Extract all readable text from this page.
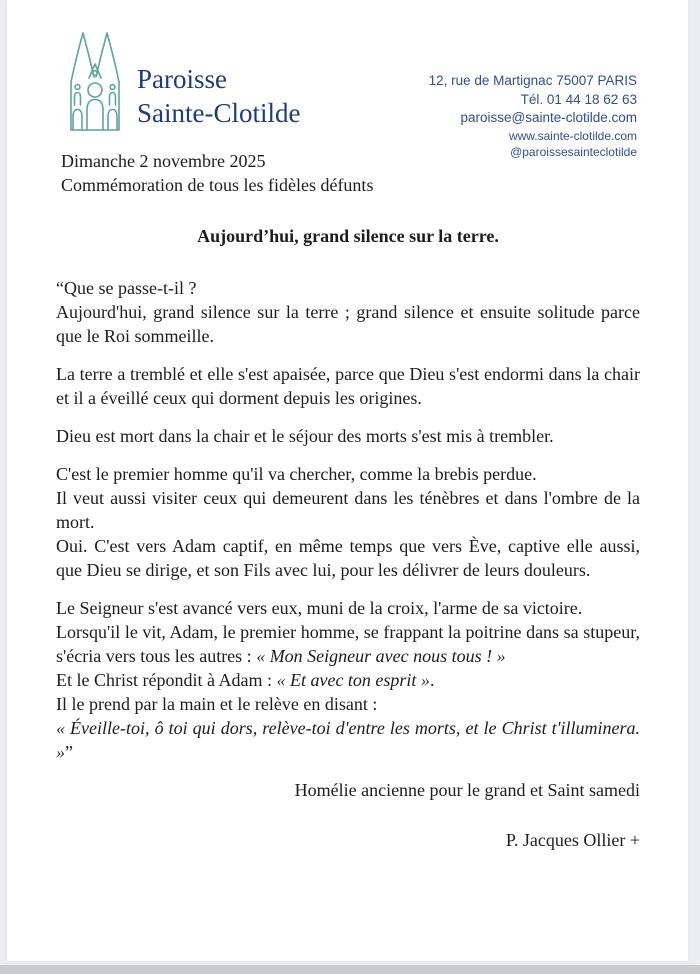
Paroisse
Sainte-Clotilde
12, rue de Martignac 75007 PARIS
Tél. 01 44 18 62 63
paroisse@sainte-clotilde.com
www.sainte-clotilde.com
@paroissesainteclotilde
Dimanche 2 novembre 2025
Commémoration de tous les fidèles défunts
Aujourd’hui, grand silence sur la terre.

“Que se passe-t-il ?
Aujourd'hui, grand silence sur la terre ; grand silence et ensuite solitude parce que le Roi sommeille.

La terre a tremblé et elle s'est apaisée, parce que Dieu s'est endormi dans la chair et il a éveillé ceux qui dorment depuis les origines.

Dieu est mort dans la chair et le séjour des morts s'est mis à trembler.

C'est le premier homme qu'il va chercher, comme la brebis perdue.
Il veut aussi visiter ceux qui demeurent dans les ténèbres et dans l'ombre de la mort.
Oui. C'est vers Adam captif, en même temps que vers Ève, captive elle aussi, que Dieu se dirige, et son Fils avec lui, pour les délivrer de leurs douleurs.

Le Seigneur s'est avancé vers eux, muni de la croix, l'arme de sa victoire.
Lorsqu'il le vit, Adam, le premier homme, se frappant la poitrine dans sa stupeur, s'écria vers tous les autres : « Mon Seigneur avec nous tous ! »
Et le Christ répondit à Adam : « Et avec ton esprit ».
Il le prend par la main et le relève en disant :
« Éveille-toi, ô toi qui dors, relève-toi d'entre les morts, et le Christ t'illuminera. »”

Homélie ancienne pour le grand et Saint samedi
P. Jacques Ollier +
